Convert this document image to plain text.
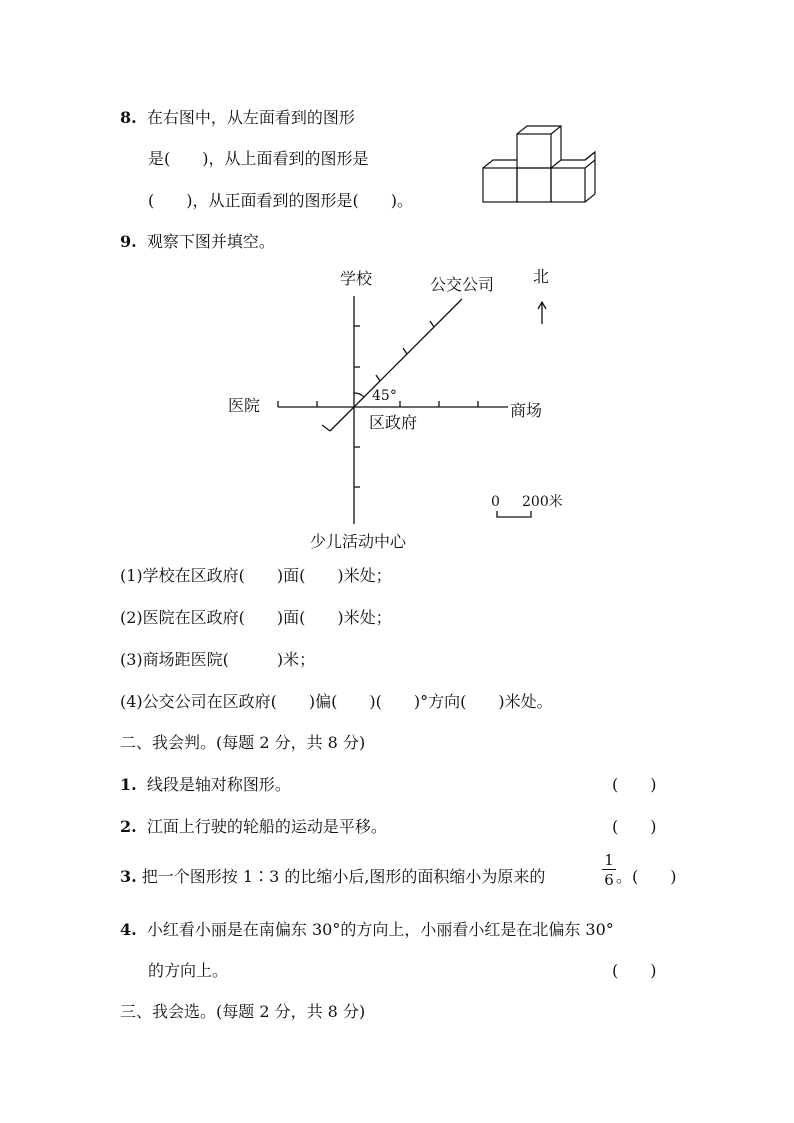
8. 在右图中，从左面看到的图形
是(　　)，从上面看到的图形是
(　　)，从正面看到的图形是(　　)。
9. 观察下图并填空。
学校	公交公司 北
医院	商场
45°
区政府
少儿活动中心
0 200米
(1)学校在区政府(　　)面(　　)米处；
(2)医院在区政府(　　)面(　　)米处；
(3)商场距医院(　　　)米；
(4)公交公司在区政府(　　)偏(　　)(　　)°方向(　　)米处。
二、我会判。(每题 2 分，共 8 分)
1. 线段是轴对称图形。	(　　)
2. 江面上行驶的轮船的运动是平移。	(　　)
3. 把一个图形按 1∶3 的比缩小后,图形的面积缩小为原来的
1
6 。(　　)
4. 小红看小丽是在南偏东 30°的方向上，小丽看小红是在北偏东 30°
的方向上。	(　　)
三、我会选。(每题 2 分，共 8 分)
